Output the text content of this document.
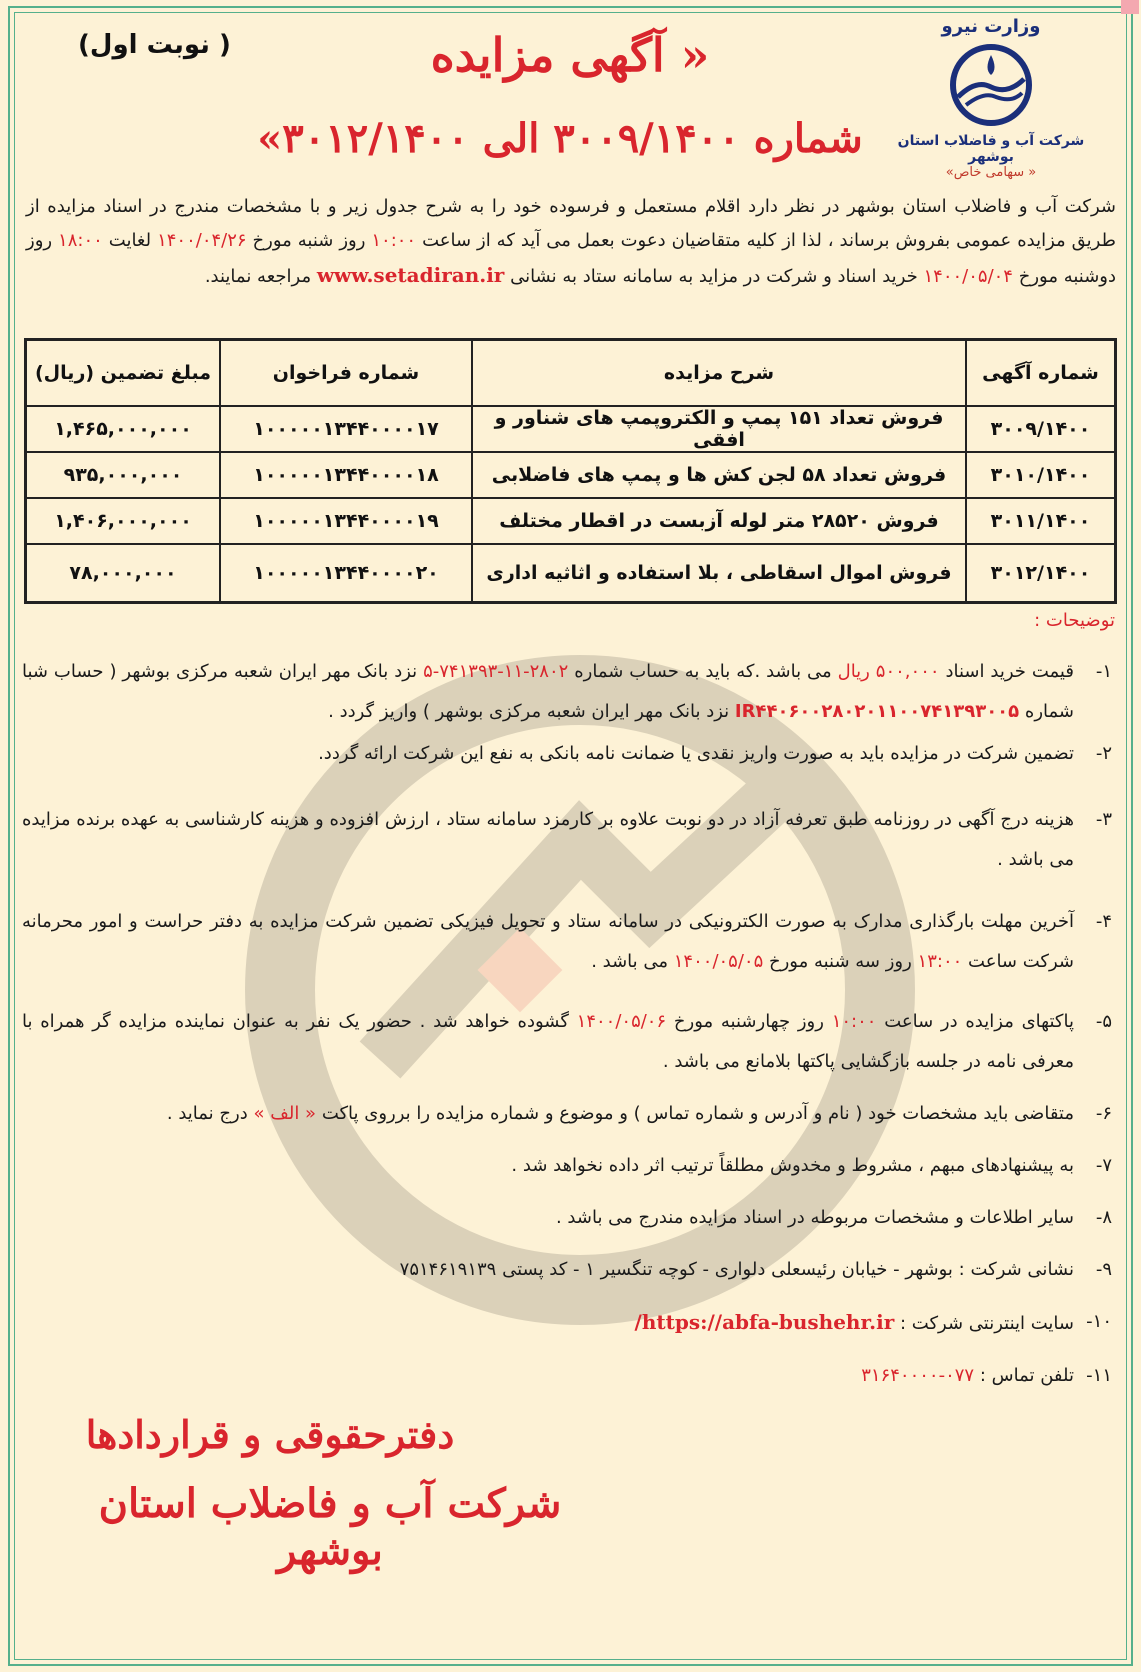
وزارت نیرو
شرکت آب و فاضلاب استان بوشهر
« سهامی خاص»
« آگهی مزایده
شماره ۳۰۰۹/۱۴۰۰ الی ۳۰۱۲/۱۴۰۰»
( نوبت اول)
شرکت آب و فاضلاب استان بوشهر در نظر دارد اقلام مستعمل و فرسوده خود را به شرح جدول زیر و با مشخصات مندرج در اسناد مزایده از طریق مزایده عمومی بفروش برساند ، لذا از کلیه متقاضیان دعوت بعمل می آید که از ساعت ۱۰:۰۰ روز شنبه مورخ ۱۴۰۰/۰۴/۲۶ لغایت ۱۸:۰۰ روز دوشنبه مورخ ۱۴۰۰/۰۵/۰۴ خرید اسناد و شرکت در مزاید به سامانه ستاد به نشانی www.setadiran.ir مراجعه نمایند.
شماره آگهی	شرح مزایده	شماره فراخوان	مبلغ تضمین (ریال)
۳۰۰۹/۱۴۰۰	فروش تعداد ۱۵۱ پمپ و الکتروپمپ های شناور و افقی	۱۰۰۰۰۰۱۳۴۴۰۰۰۰۱۷	۱,۴۶۵,۰۰۰,۰۰۰
۳۰۱۰/۱۴۰۰	فروش تعداد ۵۸ لجن کش ها و پمپ های فاضلابی	۱۰۰۰۰۰۱۳۴۴۰۰۰۰۱۸	۹۳۵,۰۰۰,۰۰۰
۳۰۱۱/۱۴۰۰	فروش ۲۸۵۲۰ متر لوله آزبست در اقطار مختلف	۱۰۰۰۰۰۱۳۴۴۰۰۰۰۱۹	۱,۴۰۶,۰۰۰,۰۰۰
۳۰۱۲/۱۴۰۰	فروش اموال اسقاطی ، بلا استفاده و اثاثیه اداری	۱۰۰۰۰۰۱۳۴۴۰۰۰۰۲۰	۷۸,۰۰۰,۰۰۰
توضیحات :
۱-
قیمت خرید اسناد ۵۰۰,۰۰۰ ریال می باشد .که باید به حساب شماره ۲۸۰۲-۱۱-۷۴۱۳۹۳-۵ نزد بانک مهر ایران شعبه مرکزی بوشهر ( حساب شبا شماره IR۴۴۰۶۰۰۲۸۰۲۰۱۱۰۰۷۴۱۳۹۳۰۰۵ نزد بانک مهر ایران شعبه مرکزی بوشهر ) واریز گردد .
۲-
تضمین شرکت در مزایده باید به صورت واریز نقدی یا ضمانت نامه بانکی به نفع این شرکت ارائه گردد.
۳-
هزینه درج آگهی در روزنامه طبق تعرفه آزاد در دو نوبت علاوه بر کارمزد سامانه ستاد ، ارزش افزوده و هزینه کارشناسی به عهده برنده مزایده می باشد .
۴-
آخرین مهلت بارگذاری مدارک به صورت الکترونیکی در سامانه ستاد و تحویل فیزیکی تضمین شرکت مزایده به دفتر حراست و امور محرمانه شرکت ساعت ۱۳:۰۰ روز سه شنبه مورخ ۱۴۰۰/۰۵/۰۵ می باشد .
۵-
پاکتهای مزایده در ساعت ۱۰:۰۰ روز چهارشنبه مورخ ۱۴۰۰/۰۵/۰۶ گشوده خواهد شد . حضور یک نفر به عنوان نماینده مزایده گر همراه با معرفی نامه در جلسه بازگشایی پاکتها بلامانع می باشد .
۶-
متقاضی باید مشخصات خود ( نام و آدرس و شماره تماس ) و موضوع و شماره مزایده را برروی پاکت « الف » درج نماید .
۷-
به پیشنهادهای مبهم ، مشروط و مخدوش مطلقاً ترتیب اثر داده نخواهد شد .
۸-
سایر اطلاعات و مشخصات مربوطه در اسناد مزایده مندرج می باشد .
۹-
نشانی شرکت : بوشهر - خیابان رئیسعلی دلواری - کوچه تنگسیر ۱ - کد پستی ۷۵۱۴۶۱۹۱۳۹
۱۰-
سایت اینترنتی شرکت : https://abfa-bushehr.ir/
۱۱-
تلفن تماس : ۰۷۷-۳۱۶۴۰۰۰۰
دفترحقوقی و قراردادها
شرکت آب و فاضلاب استان بوشهر
